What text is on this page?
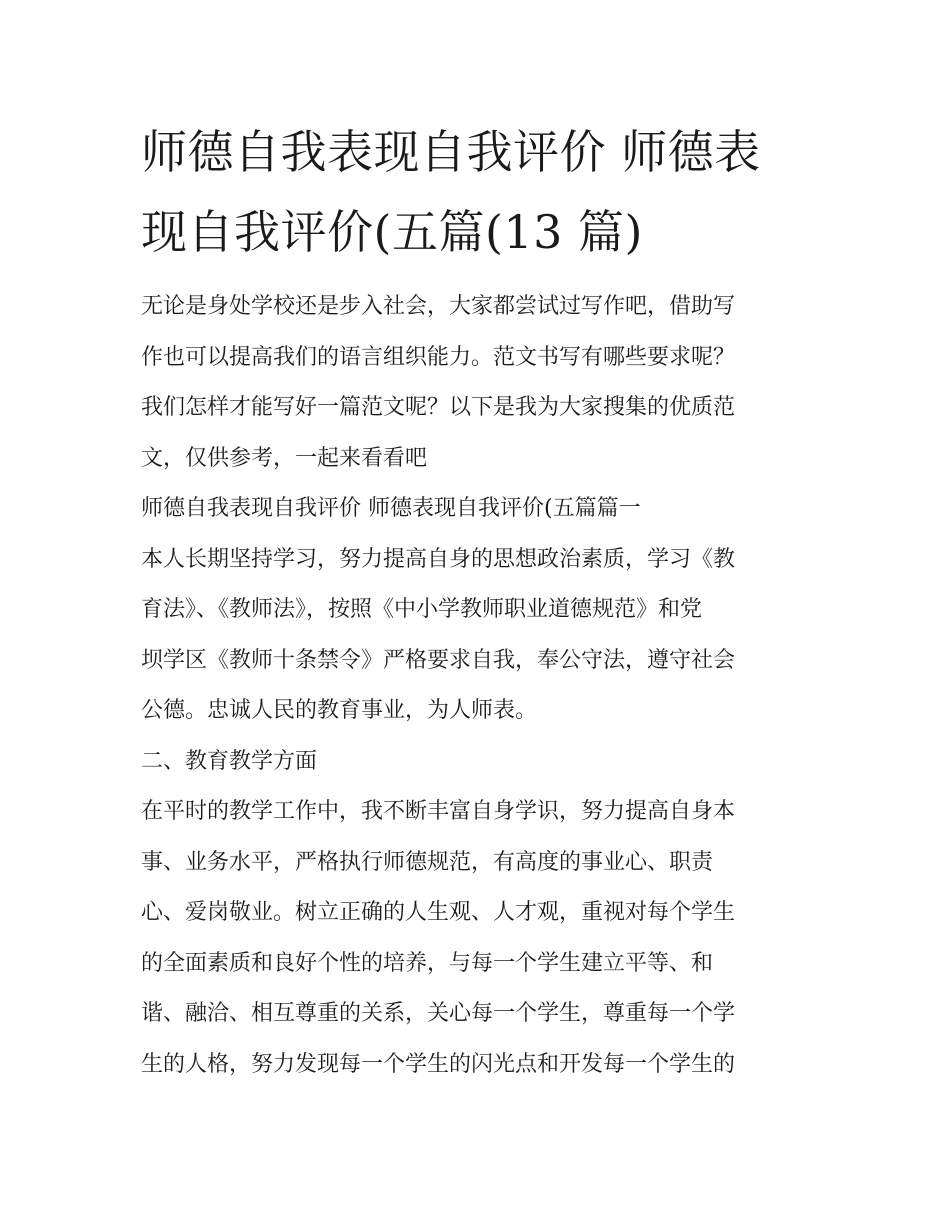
师德自我表现自我评价 师德表
现自我评价(五篇(13 篇)

无论是身处学校还是步入社会，大家都尝试过写作吧，借助写
作也可以提高我们的语言组织能力。范文书写有哪些要求呢？
我们怎样才能写好一篇范文呢？以下是我为大家搜集的优质范
文，仅供参考，一起来看看吧

师德自我表现自我评价 师德表现自我评价(五篇篇一

本人长期坚持学习，努力提高自身的思想政治素质，学习《教
育法》、《教师法》，按照《中小学教师职业道德规范》和党
坝学区《教师十条禁令》严格要求自我，奉公守法，遵守社会
公德。忠诚人民的教育事业，为人师表。

二、教育教学方面

在平时的教学工作中，我不断丰富自身学识，努力提高自身本
事、业务水平，严格执行师德规范，有高度的事业心、职责
心、爱岗敬业。树立正确的人生观、人才观，重视对每个学生
的全面素质和良好个性的培养，与每一个学生建立平等、和
谐、融洽、相互尊重的关系，关心每一个学生，尊重每一个学
生的人格，努力发现每一个学生的闪光点和开发每一个学生的
